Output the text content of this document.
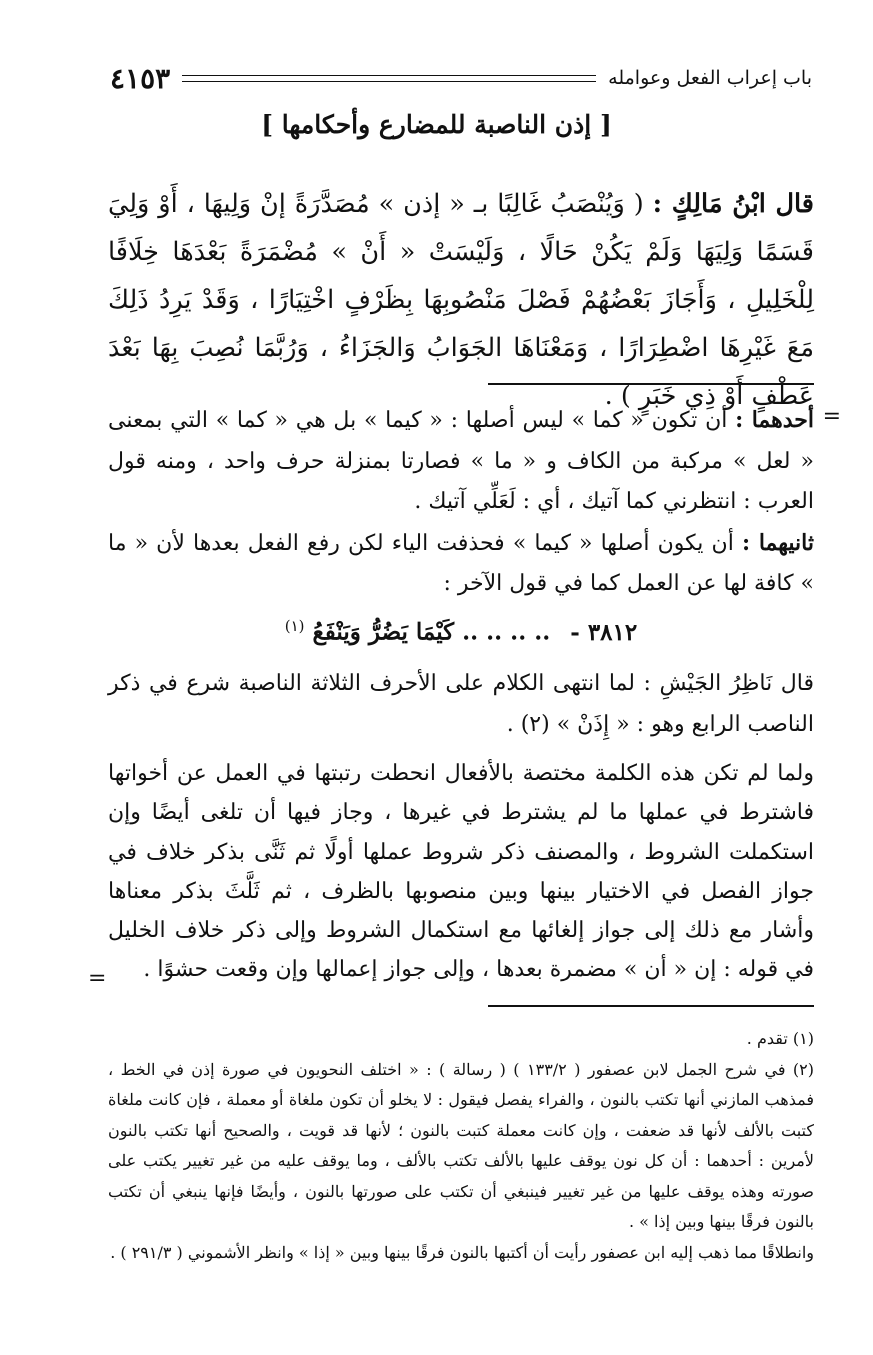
باب إعراب الفعل وعوامله
٤١٥٣
[ إذن الناصبة للمضارع وأحكامها ]

قال ابْنُ مَالِكٍ : ( وَيُنْصَبُ غَالِبًا بـ « إذن » مُصَدَّرَةً إنْ وَلِيهَا ، أَوْ وَلِيَ قَسَمًا وَلِيَهَا وَلَمْ يَكُنْ حَالًا ، وَلَيْسَتْ « أَنْ » مُضْمَرَةً بَعْدَهَا خِلَافًا لِلْخَلِيلِ ، وَأَجَازَ بَعْضُهُمْ فَصْلَ مَنْصُوبِهَا بِظَرْفٍ اخْتِيَارًا ، وَقَدْ يَرِدُ ذَلِكَ مَعَ غَيْرِهَا اضْطِرَارًا ، وَمَعْنَاهَا الجَوَابُ وَالجَزَاءُ ، وَرُبَّمَا نُصِبَ بِهَا بَعْدَ عَطْفٍ أَوْ ذِي خَبَرٍ ) .

=

أحدهما : أن تكون « كما » ليس أصلها : « كيما » بل هي « كما » التي بمعنى « لعل » مركبة من الكاف و « ما » فصارتا بمنزلة حرف واحد ، ومنه قول العرب : انتظرني كما آتيك ، أي : لَعَلِّي آتيك .

ثانيهما : أن يكون أصلها « كيما » فحذفت الياء لكن رفع الفعل بعدها لأن « ما » كافة لها عن العمل كما في قول الآخر :

٣٨١٢ - .. .. .. .. كَيْمَا يَضُرُّ وَيَنْفَعُ $^{(١)}$

قال نَاظِرُ الجَيْشِ : لما انتهى الكلام على الأحرف الثلاثة الناصبة شرع في ذكر الناصب الرابع وهو : « إِذَنْ » (٢) .

ولما لم تكن هذه الكلمة مختصة بالأفعال انحطت رتبتها في العمل عن أخواتها فاشترط في عملها ما لم يشترط في غيرها ، وجاز فيها أن تلغى أيضًا وإن استكملت الشروط ، والمصنف ذكر شروط عملها أولًا ثم ثَنَّى بذكر خلاف في جواز الفصل في الاختيار بينها وبين منصوبها بالظرف ، ثم ثَلَّثَ بذكر معناها وأشار مع ذلك إلى جواز إلغائها مع استكمال الشروط وإلى ذكر خلاف الخليل في قوله : إن « أن » مضمرة بعدها ، وإلى جواز إعمالها وإن وقعت حشوًا .

=

(١) تقدم .

(٢) في شرح الجمل لابن عصفور ( ١٣٣/٢ ) ( رسالة ) : « اختلف النحويون في صورة إذن في الخط ، فمذهب المازني أنها تكتب بالنون ، والفراء يفصل فيقول : لا يخلو أن تكون ملغاة أو معملة ، فإن كانت ملغاة كتبت بالألف لأنها قد ضعفت ، وإن كانت معملة كتبت بالنون ؛ لأنها قد قويت ، والصحيح أنها تكتب بالنون لأمرين : أحدهما : أن كل نون يوقف عليها بالألف تكتب بالألف ، وما يوقف عليه من غير تغيير يكتب على صورته وهذه يوقف عليها من غير تغيير فينبغي أن تكتب على صورتها بالنون ، وأيضًا فإنها ينبغي أن تكتب بالنون فرقًا بينها وبين إذا » .

وانطلاقًا مما ذهب إليه ابن عصفور رأيت أن أكتبها بالنون فرقًا بينها وبين « إذا » وانظر الأشموني ( ٢٩١/٣ ) .
